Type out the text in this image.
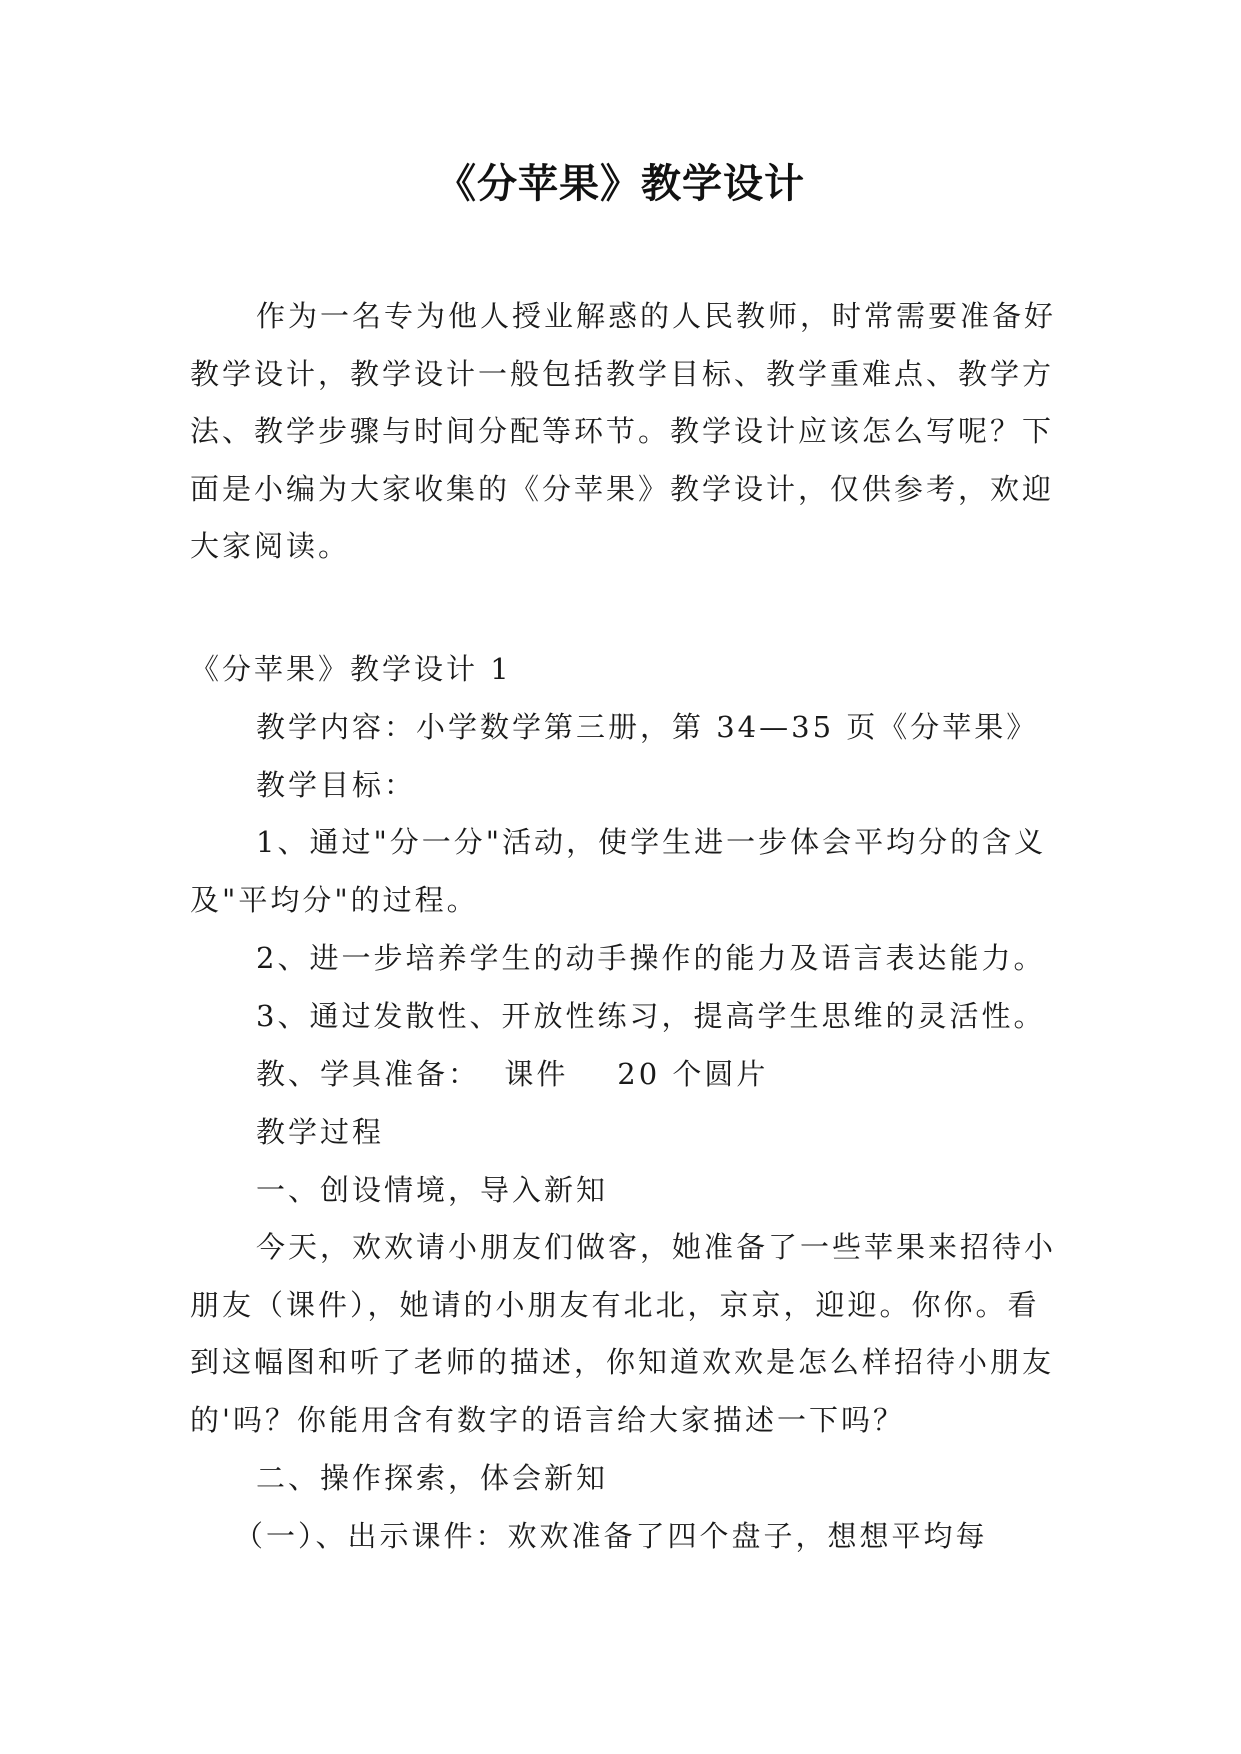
《分苹果》教学设计

作为一名专为他人授业解惑的人民教师，时常需要准备好教学设计，教学设计一般包括教学目标、教学重难点、教学方法、教学步骤与时间分配等环节。教学设计应该怎么写呢？下面是小编为大家收集的《分苹果》教学设计，仅供参考，欢迎大家阅读。

《分苹果》教学设计 1

教学内容：小学数学第三册，第 34—35 页《分苹果》

教学目标：

1、通过"分一分"活动，使学生进一步体会平均分的含义及"平均分"的过程。

2、进一步培养学生的动手操作的能力及语言表达能力。

3、通过发散性、开放性练习，提高学生思维的灵活性。

教、学具准备：  课件    20 个圆片

教学过程

一、创设情境，导入新知

今天，欢欢请小朋友们做客，她准备了一些苹果来招待小朋友（课件），她请的小朋友有北北，京京，迎迎。你你。看到这幅图和听了老师的描述，你知道欢欢是怎么样招待小朋友的'吗？你能用含有数字的语言给大家描述一下吗？

二、操作探索，体会新知

（一）、出示课件：欢欢准备了四个盘子，想想平均每
